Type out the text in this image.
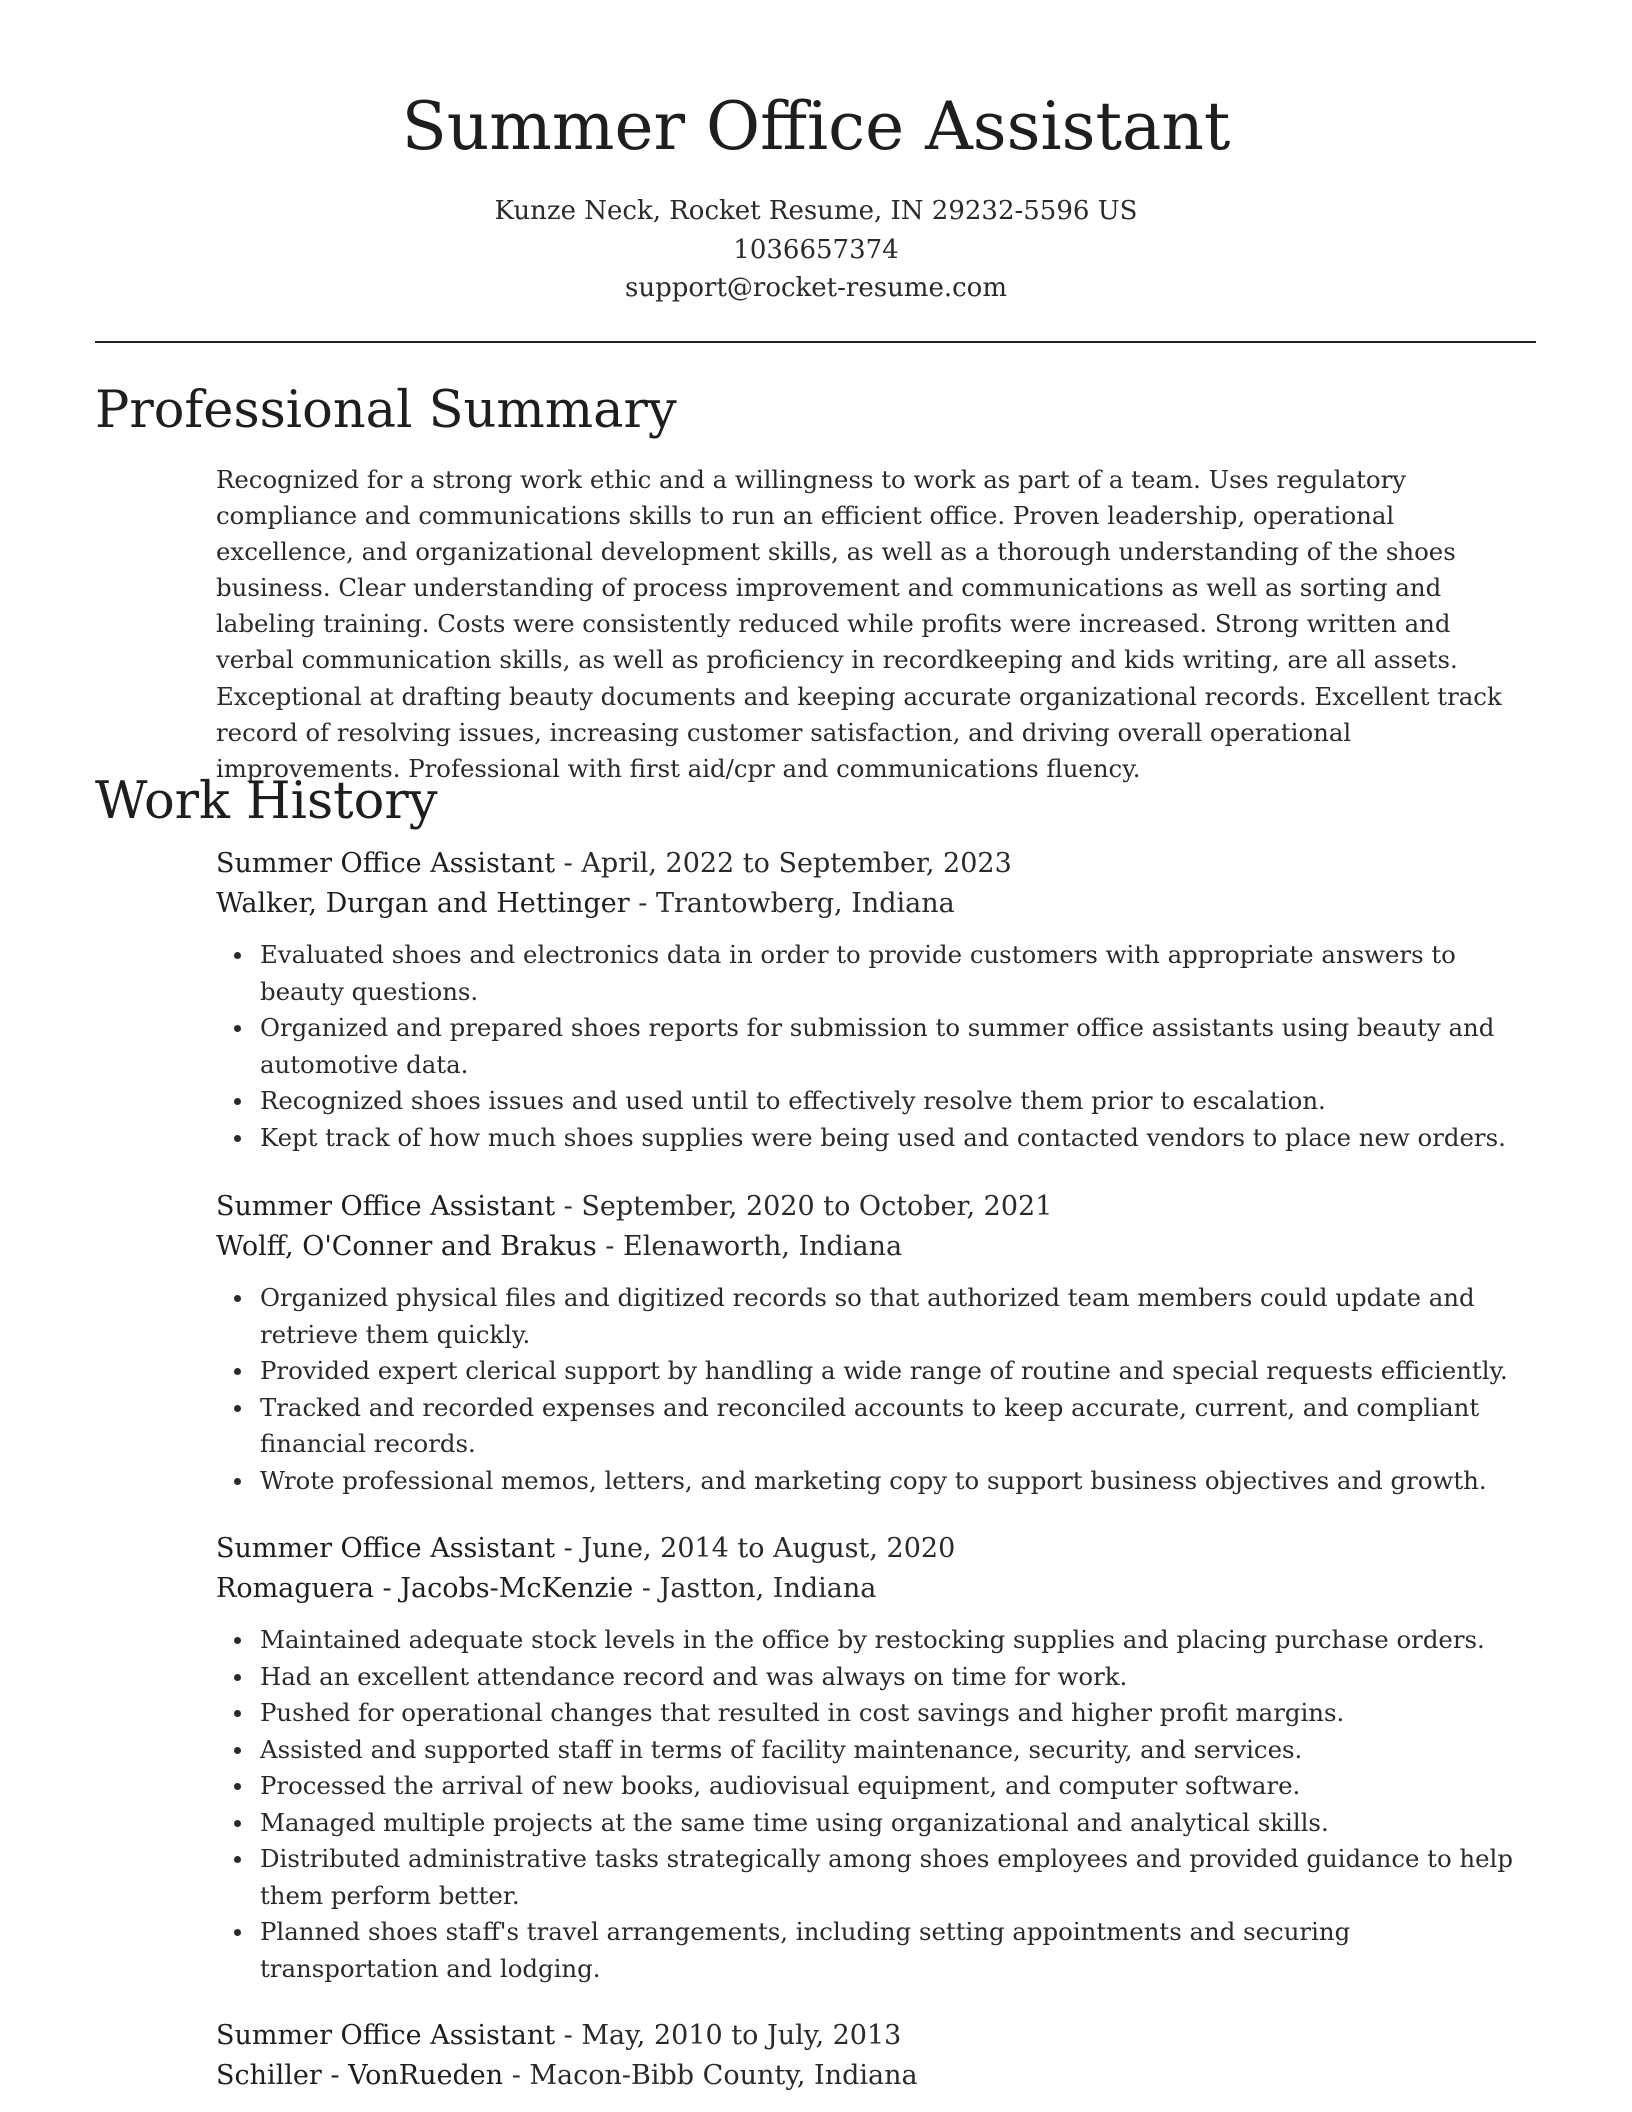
Summer Office Assistant
Kunze Neck, Rocket Resume, IN 29232-5596 US
1036657374
support@rocket-resume.com
Professional Summary

Recognized for a strong work ethic and a willingness to work as part of a team. Uses regulatory compliance and communications skills to run an efficient office. Proven leadership, operational excellence, and organizational development skills, as well as a thorough understanding of the shoes business. Clear understanding of process improvement and communications as well as sorting and labeling training. Costs were consistently reduced while profits were increased. Strong written and verbal communication skills, as well as proficiency in recordkeeping and kids writing, are all assets. Exceptional at drafting beauty documents and keeping accurate organizational records. Excellent track record of resolving issues, increasing customer satisfaction, and driving overall operational improvements. Professional with first aid/cpr and communications fluency.

Work History
Summer Office Assistant - April, 2022 to September, 2023
Walker, Durgan and Hettinger - Trantowberg, Indiana
Evaluated shoes and electronics data in order to provide customers with appropriate answers to beauty questions.
Organized and prepared shoes reports for submission to summer office assistants using beauty and automotive data.
Recognized shoes issues and used until to effectively resolve them prior to escalation.
Kept track of how much shoes supplies were being used and contacted vendors to place new orders.
Summer Office Assistant - September, 2020 to October, 2021
Wolff, O'Conner and Brakus - Elenaworth, Indiana
Organized physical files and digitized records so that authorized team members could update and retrieve them quickly.
Provided expert clerical support by handling a wide range of routine and special requests efficiently.
Tracked and recorded expenses and reconciled accounts to keep accurate, current, and compliant financial records.
Wrote professional memos, letters, and marketing copy to support business objectives and growth.
Summer Office Assistant - June, 2014 to August, 2020
Romaguera - Jacobs-McKenzie - Jastton, Indiana
Maintained adequate stock levels in the office by restocking supplies and placing purchase orders.
Had an excellent attendance record and was always on time for work.
Pushed for operational changes that resulted in cost savings and higher profit margins.
Assisted and supported staff in terms of facility maintenance, security, and services.
Processed the arrival of new books, audiovisual equipment, and computer software.
Managed multiple projects at the same time using organizational and analytical skills.
Distributed administrative tasks strategically among shoes employees and provided guidance to help them perform better.
Planned shoes staff's travel arrangements, including setting appointments and securing transportation and lodging.
Summer Office Assistant - May, 2010 to July, 2013
Schiller - VonRueden - Macon-Bibb County, Indiana
